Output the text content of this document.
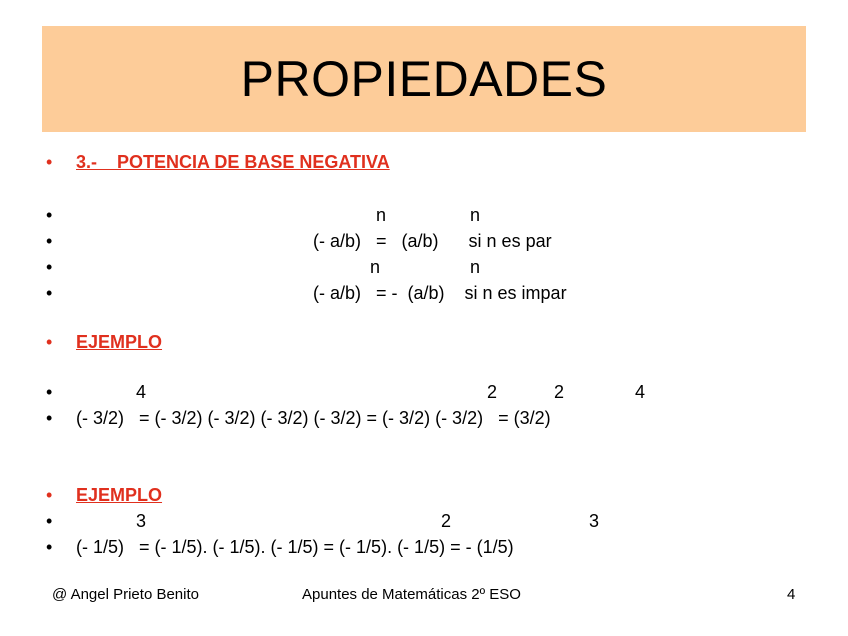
PROPIEDADES
• 3.-    POTENCIA DE BASE NEGATIVA
•	n	n
•	(- a/b)   =   (a/b)      si n es par
•	n	n
•	(- a/b)   = -  (a/b)    si n es impar
• EJEMPLO
•	4	2	2	4
• (- 3/2)   = (- 3/2) (- 3/2) (- 3/2) (- 3/2) = (- 3/2) (- 3/2)   = (3/2)
• EJEMPLO
•	3	2	3
• (- 1/5)   = (- 1/5). (- 1/5). (- 1/5) = (- 1/5). (- 1/5) = - (1/5)
@ Angel Prieto Benito	Apuntes de Matemáticas 2º ESO	4
